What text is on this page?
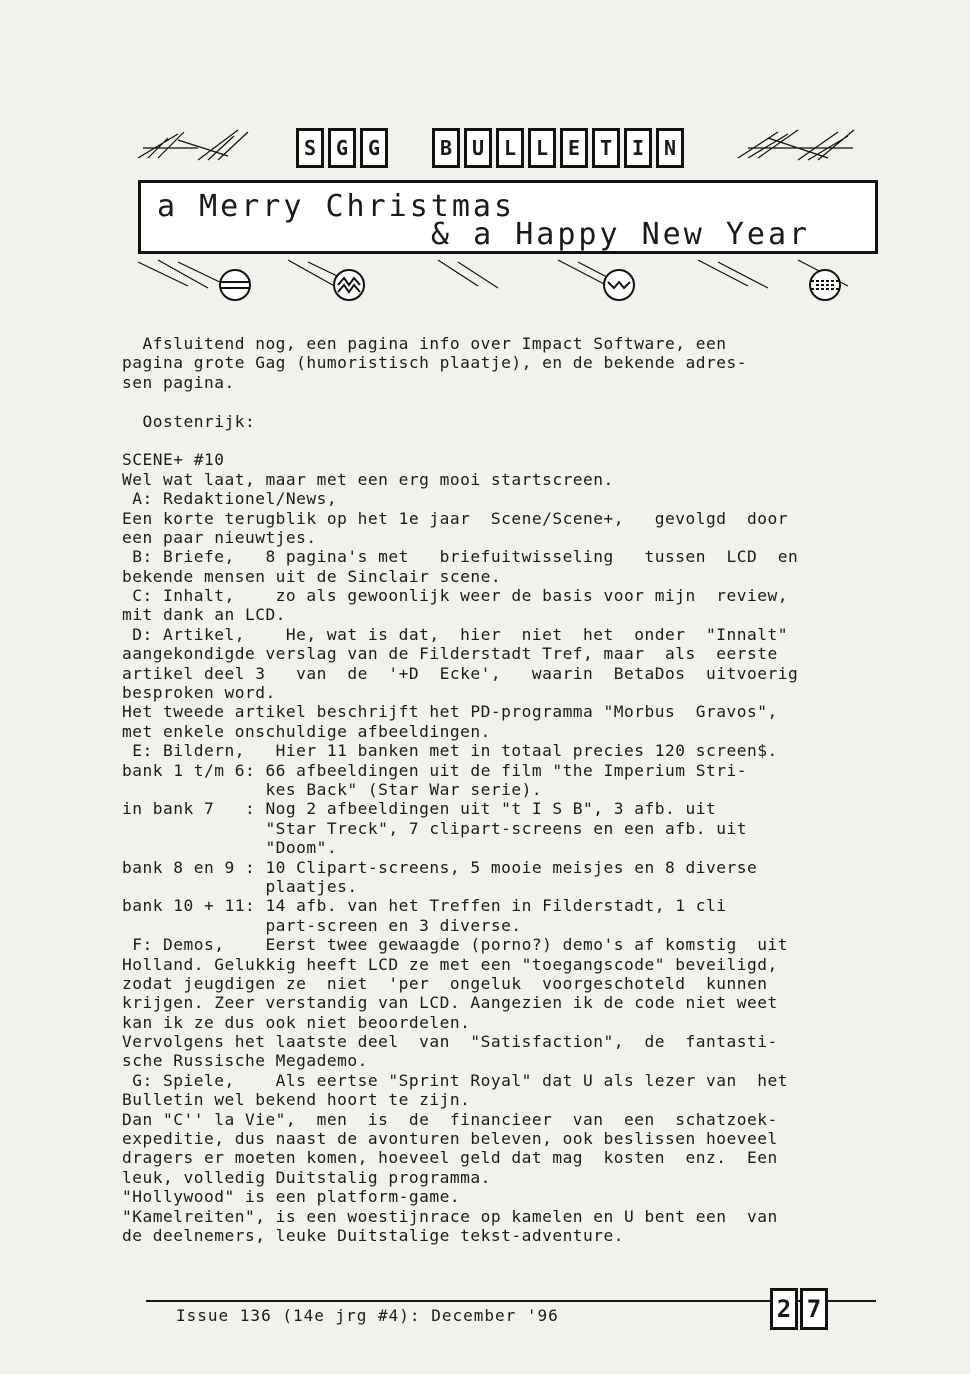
S G G	B U L L E T I N
a Merry Christmas
& a Happy New Year
Afsluitend nog, een pagina info over Impact Software, een
pagina grote Gag (humoristisch plaatje), en de bekende adres-
sen pagina.
Oostenrijk:
SCENE+ #10
Wel wat laat, maar met een erg mooi startscreen.
A: Redaktionel/News,
Een korte terugblik op het 1e jaar  Scene/Scene+,   gevolgd  door
een paar nieuwtjes.
B: Briefe,   8 pagina's met   briefuitwisseling   tussen  LCD  en
bekende mensen uit de Sinclair scene.
C: Inhalt,    zo als gewoonlijk weer de basis voor mijn  review,
mit dank an LCD.
D: Artikel,    He, wat is dat,  hier  niet  het  onder  "Innalt"
aangekondigde verslag van de Filderstadt Tref, maar  als  eerste
artikel deel 3   van  de  '+D  Ecke',   waarin  BetaDos  uitvoerig
besproken word.
Het tweede artikel beschrijft het PD-programma "Morbus  Gravos",
met enkele onschuldige afbeeldingen.
E: Bildern,   Hier 11 banken met in totaal precies 120 screen$.
bank 1 t/m 6: 66 afbeeldingen uit de film "the Imperium Stri-
kes Back" (Star War serie).
in bank 7   : Nog 2 afbeeldingen uit "t I S B", 3 afb. uit
"Star Treck", 7 clipart-screens en een afb. uit
"Doom".
bank 8 en 9 : 10 Clipart-screens, 5 mooie meisjes en 8 diverse
plaatjes.
bank 10 + 11: 14 afb. van het Treffen in Filderstadt, 1 cli
part-screen en 3 diverse.
F: Demos,    Eerst twee gewaagde (porno?) demo's af komstig  uit
Holland. Gelukkig heeft LCD ze met een "toegangscode" beveiligd,
zodat jeugdigen ze  niet  'per  ongeluk  voorgeschoteld  kunnen
krijgen. Zeer verstandig van LCD. Aangezien ik de code niet weet
kan ik ze dus ook niet beoordelen.
Vervolgens het laatste deel  van  "Satisfaction",  de  fantasti-
sche Russische Megademo.
G: Spiele,    Als eertse "Sprint Royal" dat U als lezer van  het
Bulletin wel bekend hoort te zijn.
Dan "C'' la Vie",  men  is  de  financieer  van  een  schatzoek-
expeditie, dus naast de avonturen beleven, ook beslissen hoeveel
dragers er moeten komen, hoeveel geld dat mag  kosten  enz.  Een
leuk, volledig Duitstalig programma.
"Hollywood" is een platform-game.
"Kamelreiten", is een woestijnrace op kamelen en U bent een  van
de deelnemers, leuke Duitstalige tekst-adventure.
Issue 136 (14e jrg #4): December '96	2 7
